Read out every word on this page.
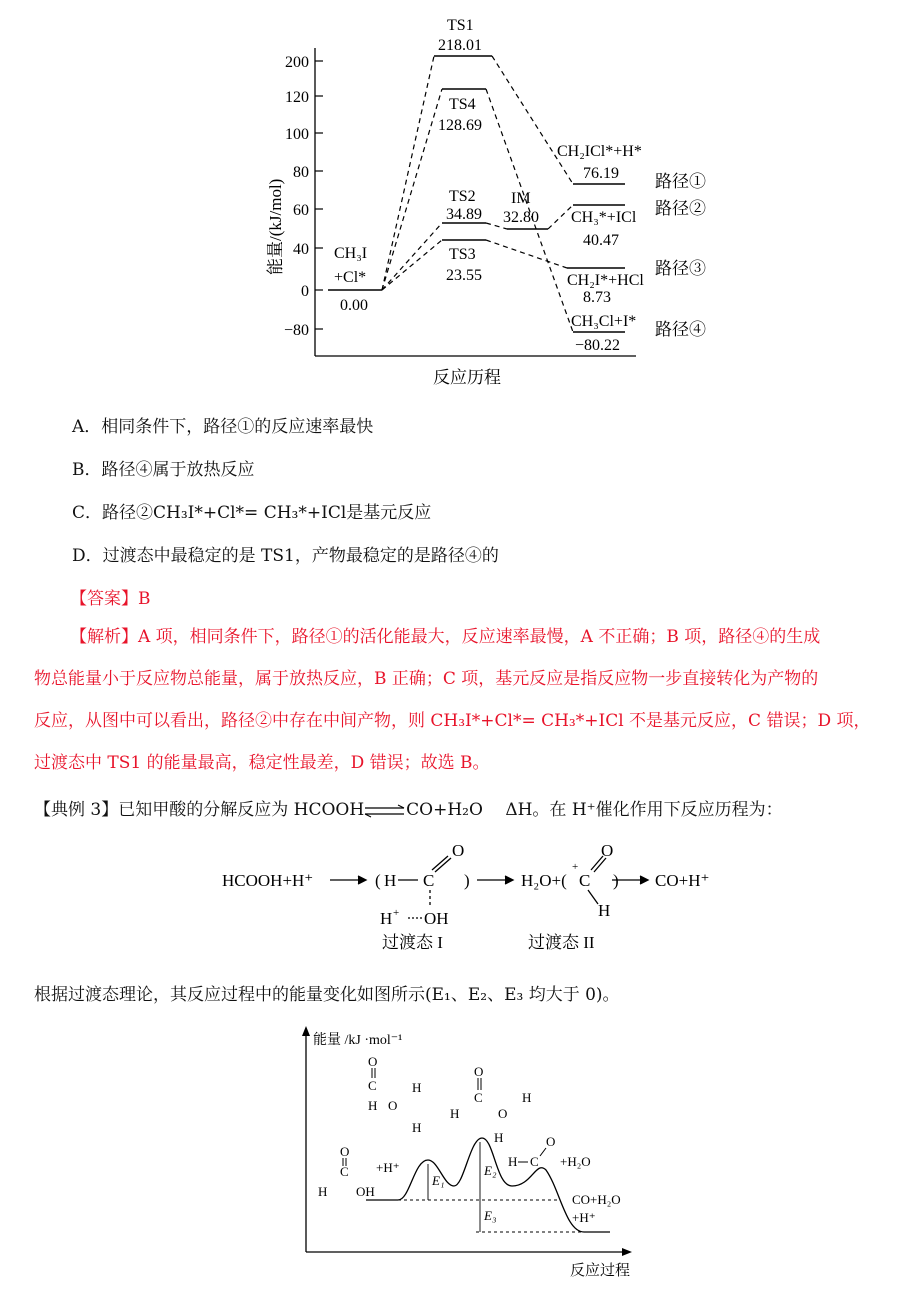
200
120
100
80
60
40
0
−80
能量/(kJ/mol)
反应历程
CH₃I
+Cl*
0.00
TS1
218.01
TS4
128.69
TS2
34.89
TS3
23.55
IM
32.80
CH₂ICl*+H*
76.19
CH₃*+ICl
40.47
CH₂I*+HCl
8.73
CH₃Cl+I*
−80.22
路径①
路径②
路径③
路径④
A．相同条件下，路径①的反应速率最快
B．路径④属于放热反应
C．路径②CH₃I*+Cl*= CH₃*+ICl是基元反应
D．过渡态中最稳定的是 TS1，产物最稳定的是路径④的
【答案】B
【解析】A 项，相同条件下，路径①的活化能最大，反应速率最慢，A 不正确；B 项，路径④的生成
物总能量小于反应物总能量，属于放热反应，B 正确；C 项，基元反应是指反应物一步直接转化为产物的
反应，从图中可以看出，路径②中存在中间产物，则 CH₃I*+Cl*= CH₃*+ICl 不是基元反应，C 错误；D 项，
过渡态中 TS1 的能量最高，稳定性最差，D 错误；故选 B。
【典例 3】已知甲酸的分解反应为 HCOOH⇌CO+H₂O　 ΔH。在 H⁺催化作用下反应历程为：
HCOOH+H⁺
过渡态 I
H₂O+(	CO+H⁺
过渡态 II
( H C
O
)
H + OH
C
+
O
)
H
根据过渡态理论，其反应过程中的能量变化如图所示(E₁、E₂、E₃ 均大于 0)。
能量 /kJ ·mol⁻¹
反应过程
E₁
E₂
E₃
O
C
H OH
+H⁺
O
C
H O
H
H
O
C
H	O
H
H
H C
O
+H₂O
CO+H₂O
+H⁺
